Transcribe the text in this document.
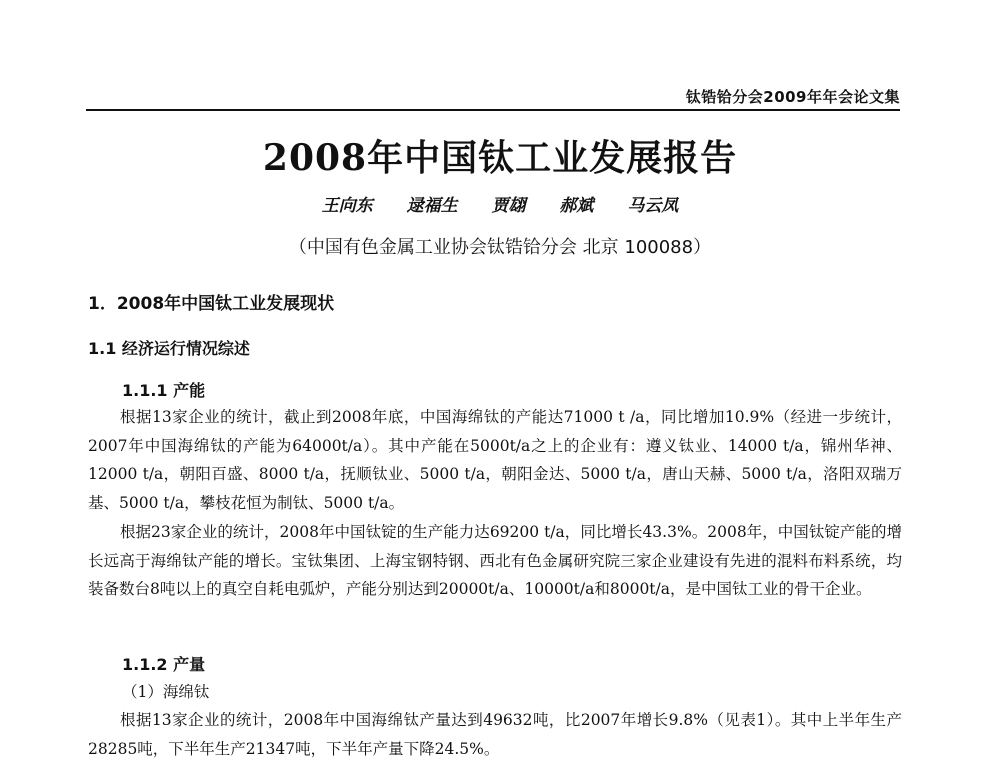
钛锆铪分会2009年年会论文集
2008年中国钛工业发展报告
王向东 逯福生 贾翃 郝斌 马云凤
（中国有色金属工业协会钛锆铪分会 北京 100088）
1．2008年中国钛工业发展现状
1.1 经济运行情况综述
1.1.1 产能

根据13家企业的统计，截止到2008年底，中国海绵钛的产能达71000 t /a，同比增加10.9%（经进一步统计，2007年中国海绵钛的产能为64000t/a）。其中产能在5000t/a之上的企业有：遵义钛业、14000 t/a，锦州华神、12000 t/a，朝阳百盛、8000 t/a，抚顺钛业、5000 t/a，朝阳金达、5000 t/a，唐山天赫、5000 t/a，洛阳双瑞万基、5000 t/a，攀枝花恒为制钛、5000 t/a。

根据23家企业的统计，2008年中国钛锭的生产能力达69200 t/a，同比增长43.3%。2008年，中国钛锭产能的增长远高于海绵钛产能的增长。宝钛集团、上海宝钢特钢、西北有色金属研究院三家企业建设有先进的混料布料系统，均装备数台8吨以上的真空自耗电弧炉，产能分别达到20000t/a、10000t/a和8000t/a，是中国钛工业的骨干企业。

1.1.2 产量
（1）海绵钛

根据13家企业的统计，2008年中国海绵钛产量达到49632吨，比2007年增长9.8%（见表1）。其中上半年生产28285吨，下半年生产21347吨，下半年产量下降24.5%。
